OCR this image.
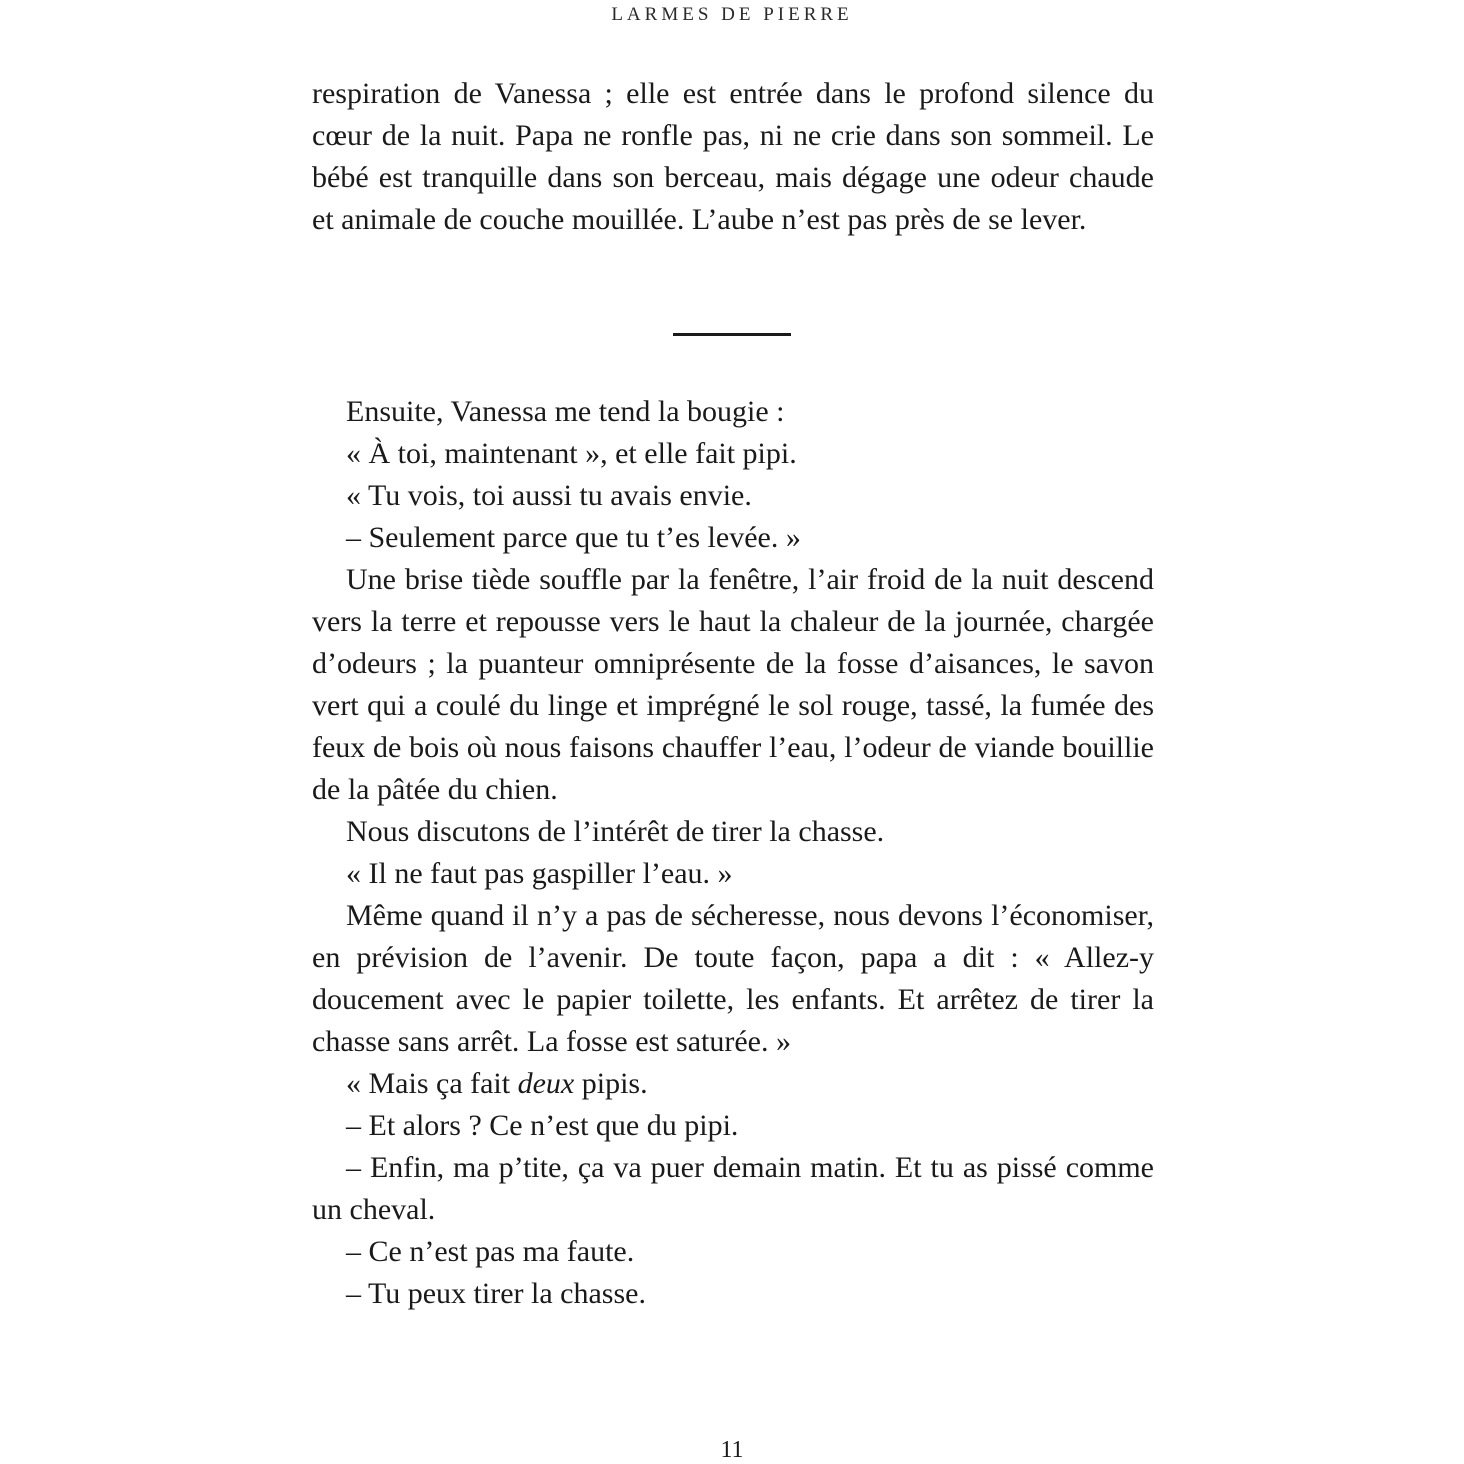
LARMES DE PIERRE

respiration de Vanessa ; elle est entrée dans le profond silence du cœur de la nuit. Papa ne ronfle pas, ni ne crie dans son sommeil. Le bébé est tranquille dans son berceau, mais dégage une odeur chaude et animale de couche mouillée. L’aube n’est pas près de se lever.

Ensuite, Vanessa me tend la bougie :

« À toi, maintenant », et elle fait pipi.

« Tu vois, toi aussi tu avais envie.

– Seulement parce que tu t’es levée. »

Une brise tiède souffle par la fenêtre, l’air froid de la nuit descend vers la terre et repousse vers le haut la chaleur de la journée, chargée d’odeurs ; la puanteur omniprésente de la fosse d’aisances, le savon vert qui a coulé du linge et imprégné le sol rouge, tassé, la fumée des feux de bois où nous faisons chauffer l’eau, l’odeur de viande bouillie de la pâtée du chien.

Nous discutons de l’intérêt de tirer la chasse.

« Il ne faut pas gaspiller l’eau. »

Même quand il n’y a pas de sécheresse, nous devons l’économiser, en prévision de l’avenir. De toute façon, papa a dit : « Allez-y doucement avec le papier toilette, les enfants. Et arrêtez de tirer la chasse sans arrêt. La fosse est saturée. »

« Mais ça fait deux pipis.

– Et alors ? Ce n’est que du pipi.

– Enfin, ma p’tite, ça va puer demain matin. Et tu as pissé comme un cheval.

– Ce n’est pas ma faute.

– Tu peux tirer la chasse.

11
